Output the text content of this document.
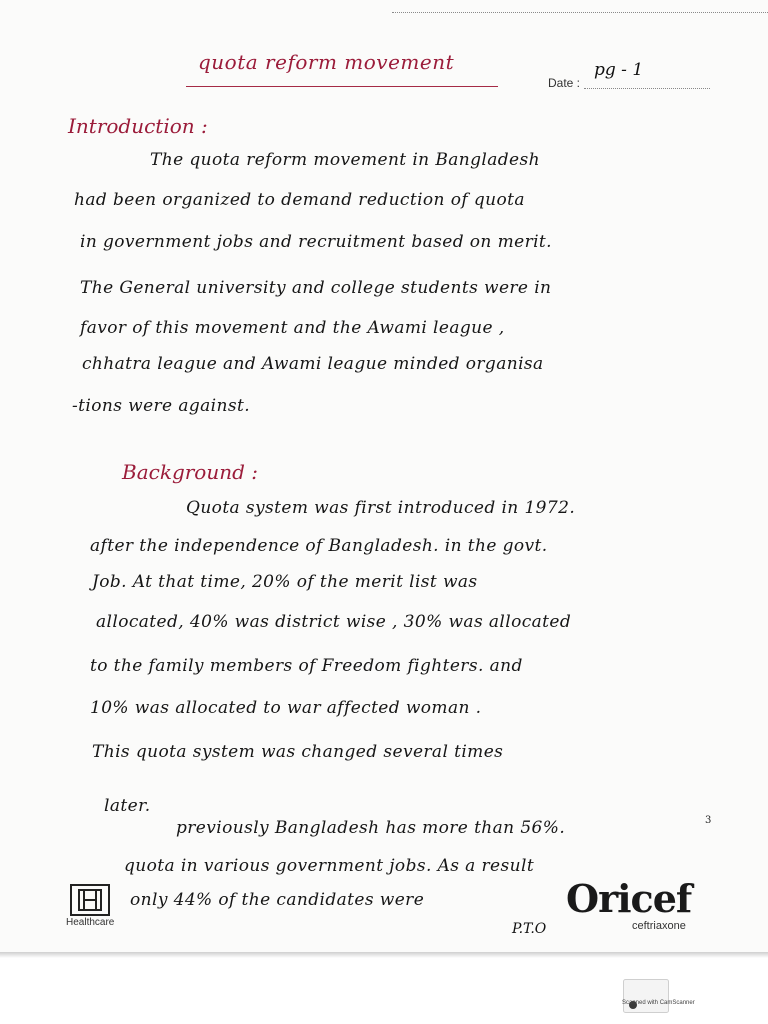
quota reform movement	pg - 1
Date :
Introduction :
The quota reform movement in Bangladesh
had been organized to demand reduction of quota
in government jobs and recruitment based on merit.
The General university and college students were in
favor of this movement and the Awami league ,
chhatra league and Awami league minded organisa
-tions were against.
Background :
Quota system was first introduced in 1972.
after the independence of Bangladesh. in the govt.
Job. At that time, 20% of the merit list was
allocated, 40% was district wise , 30% was allocated
to the family members of Freedom fighters. and
10% was allocated to war affected woman .
This quota system was changed several times
later.
previously Bangladesh has more than 56%.	3
quota in various government jobs. As a result
only 44% of the candidates were
Healthcare	P.T.O
Oricef
ceftriaxone
Scanned with CamScanner
